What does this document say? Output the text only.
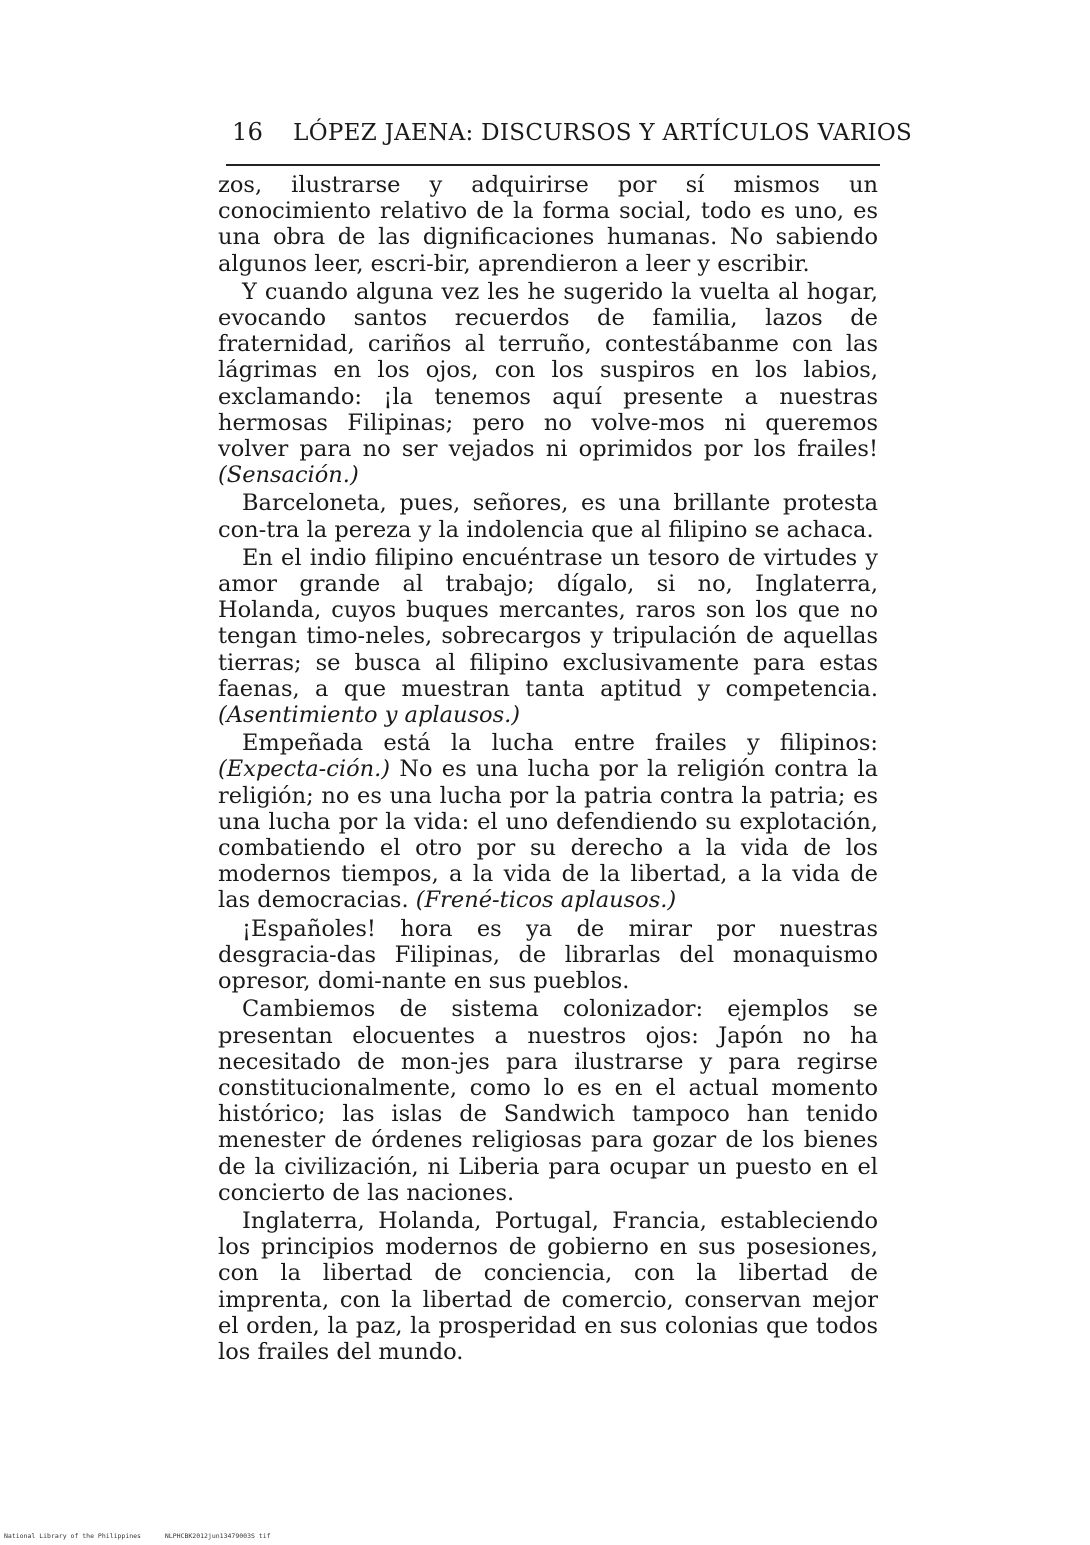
16 LÓPEZ JAENA: DISCURSOS Y ARTÍCULOS VARIOS

zos, ilustrarse y adquirirse por sí mismos un conocimiento relativo de la forma social, todo es uno, es una obra de las dignificaciones humanas. No sabiendo algunos leer, escri-bir, aprendieron a leer y escribir.

Y cuando alguna vez les he sugerido la vuelta al hogar, evocando santos recuerdos de familia, lazos de fraternidad, cariños al terruño, contestábanme con las lágrimas en los ojos, con los suspiros en los labios, exclamando: ¡la tenemos aquí presente a nuestras hermosas Filipinas; pero no volve-mos ni queremos volver para no ser vejados ni oprimidos por los frailes! (Sensación.)

Barceloneta, pues, señores, es una brillante protesta con-tra la pereza y la indolencia que al filipino se achaca.

En el indio filipino encuéntrase un tesoro de virtudes y amor grande al trabajo; dígalo, si no, Inglaterra, Holanda, cuyos buques mercantes, raros son los que no tengan timo-neles, sobrecargos y tripulación de aquellas tierras; se busca al filipino exclusivamente para estas faenas, a que muestran tanta aptitud y competencia. (Asentimiento y aplausos.)

Empeñada está la lucha entre frailes y filipinos: (Expecta-ción.) No es una lucha por la religión contra la religión; no es una lucha por la patria contra la patria; es una lucha por la vida: el uno defendiendo su explotación, combatiendo el otro por su derecho a la vida de los modernos tiempos, a la vida de la libertad, a la vida de las democracias. (Frené-ticos aplausos.)

¡Españoles! hora es ya de mirar por nuestras desgracia-das Filipinas, de librarlas del monaquismo opresor, domi-nante en sus pueblos.

Cambiemos de sistema colonizador: ejemplos se presentan elocuentes a nuestros ojos: Japón no ha necesitado de mon-jes para ilustrarse y para regirse constitucionalmente, como lo es en el actual momento histórico; las islas de Sandwich tampoco han tenido menester de órdenes religiosas para gozar de los bienes de la civilización, ni Liberia para ocupar un puesto en el concierto de las naciones.

Inglaterra, Holanda, Portugal, Francia, estableciendo los principios modernos de gobierno en sus posesiones, con la libertad de conciencia, con la libertad de imprenta, con la libertad de comercio, conservan mejor el orden, la paz, la prosperidad en sus colonias que todos los frailes del mundo.

National Library of the Philippines	NLPHCBK2012jun13479003S tif
